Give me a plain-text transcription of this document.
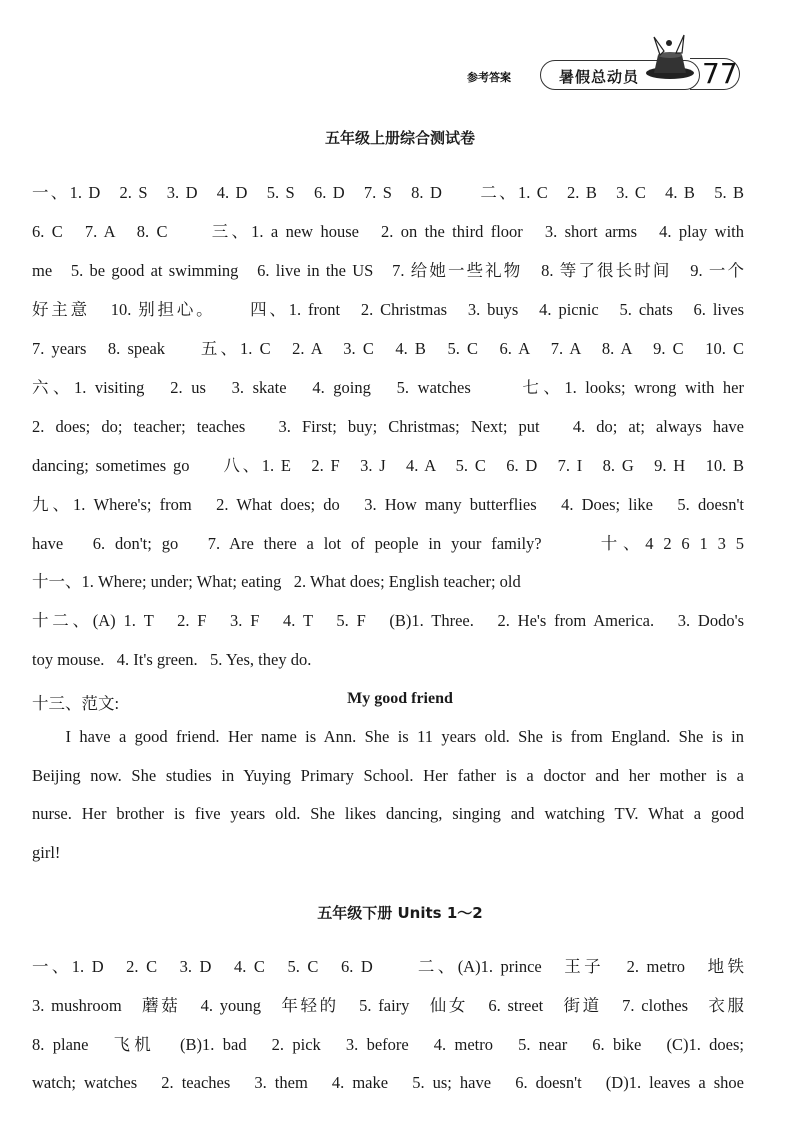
参考答案	暑假总动员 77
五年级上册综合测试卷
一、1. D   2. S   3. D   4. D   5. S   6. D   7. S   8. D      二、1. C   2. B   3. C   4. B   5. B
6. C   7. A   8. C      三、1. a new house   2. on the third floor   3. short arms   4. play with
me   5. be good at swimming   6. live in the US   7. 给她一些礼物   8. 等了很长时间   9. 一个
好主意   10. 别担心。     四、1. front   2. Christmas   3. buys   4. picnic   5. chats   6. lives
7. years   8. speak     五、1. C   2. A   3. C   4. B   5. C   6. A   7. A   8. A   9. C   10. C
六、1. visiting   2. us   3. skate   4. going   5. watches      七、1. looks; wrong with her
2. does; do; teacher; teaches   3. First; buy; Christmas; Next; put   4. do; at; always have
dancing; sometimes go     八、1. E   2. F   3. J   4. A   5. C   6. D   7. I   8. G   9. H   10. B
九、1. Where's; from   2. What does; do   3. How many butterflies   4. Does; like   5. doesn't
have   6. don't; go   7. Are there a lot of people in your family?      十、4 2 6 1 3 5
十一、1. Where; under; What; eating   2. What does; English teacher; old
十二、(A) 1. T   2. F   3. F   4. T   5. F   (B)1. Three.   2. He's from America.   3. Dodo's
toy mouse.   4. It's green.   5. Yes, they do.
十三、范文:	My good friend
I have a good friend. Her name is Ann. She is 11 years old. She is from England. She is in
Beijing now. She studies in Yuying Primary School. Her father is a doctor and her mother is a
nurse. Her brother is five years old. She likes dancing, singing and watching TV. What a good
girl!
五年级下册 Units 1～2
一、1. D   2. C   3. D   4. C   5. C   6. D      二、(A)1. prince   王子   2. metro   地铁
3. mushroom   蘑菇   4. young   年轻的   5. fairy   仙女   6. street   街道   7. clothes   衣服
8. plane   飞机   (B)1. bad   2. pick   3. before   4. metro   5. near   6. bike   (C)1. does;
watch; watches   2. teaches   3. them   4. make   5. us; have   6. doesn't   (D)1. leaves a shoe
